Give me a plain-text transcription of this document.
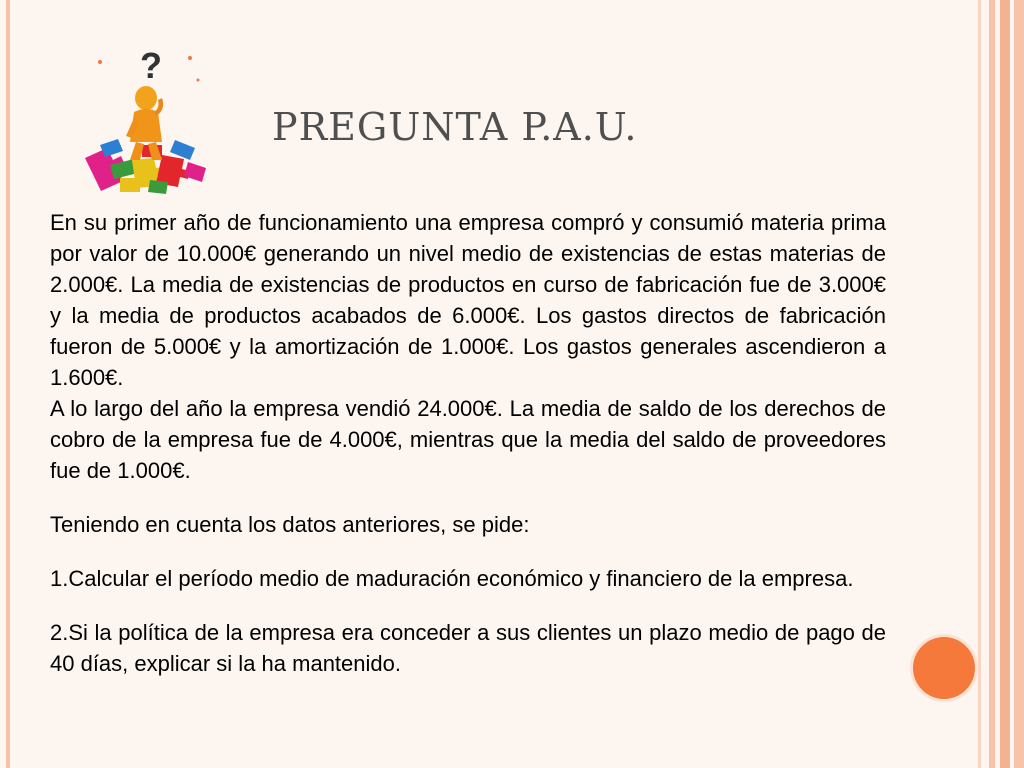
?
PREGUNTA P.A.U.

En su primer año de funcionamiento una empresa compró y consumió materia prima por valor de 10.000€ generando un nivel medio de existencias de estas materias de 2.000€. La media de existencias de productos en curso de fabricación fue de 3.000€ y la media de productos acabados de 6.000€. Los gastos directos de fabricación fueron de 5.000€ y la amortización de 1.000€. Los gastos generales ascendieron a 1.600€.

A lo largo del año la empresa vendió 24.000€. La media de saldo de los derechos de cobro de la empresa fue de 4.000€, mientras que la media del saldo de proveedores fue de 1.000€.

Teniendo en cuenta los datos anteriores, se pide:

1.Calcular el período medio de maduración económico y financiero de la empresa.

2.Si la política de la empresa era conceder a sus clientes un plazo medio de pago de 40 días, explicar si la ha mantenido.
